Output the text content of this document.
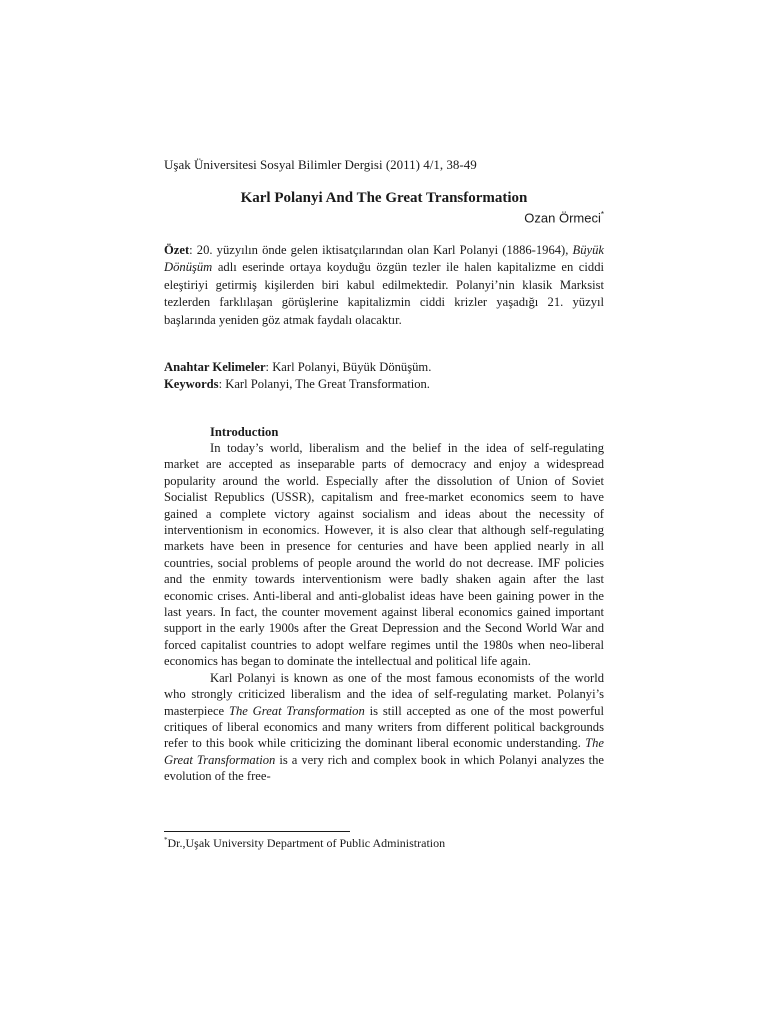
Uşak Üniversitesi Sosyal Bilimler Dergisi (2011) 4/1, 38-49
Karl Polanyi And The Great Transformation
Ozan Örmeci*
Özet: 20. yüzyılın önde gelen iktisatçılarından olan Karl Polanyi (1886-1964), Büyük Dönüşüm adlı eserinde ortaya koyduğu özgün tezler ile halen kapitalizme en ciddi eleştiriyi getirmiş kişilerden biri kabul edilmektedir. Polanyi’nin klasik Marksist tezlerden farklılaşan görüşlerine kapitalizmin ciddi krizler yaşadığı 21. yüzyıl başlarında yeniden göz atmak faydalı olacaktır.
Anahtar Kelimeler: Karl Polanyi, Büyük Dönüşüm.
Keywords: Karl Polanyi, The Great Transformation.
Introduction

In today’s world, liberalism and the belief in the idea of self-regulating market are accepted as inseparable parts of democracy and enjoy a widespread popularity around the world. Especially after the dissolution of Union of Soviet Socialist Republics (USSR), capitalism and free-market economics seem to have gained a complete victory against socialism and ideas about the necessity of interventionism in economics. However, it is also clear that although self-regulating markets have been in presence for centuries and have been applied nearly in all countries, social problems of people around the world do not decrease. IMF policies and the enmity towards interventionism were badly shaken again after the last economic crises. Anti-liberal and anti-globalist ideas have been gaining power in the last years. In fact, the counter movement against liberal economics gained important support in the early 1900s after the Great Depression and the Second World War and forced capitalist countries to adopt welfare regimes until the 1980s when neo-liberal economics has began to dominate the intellectual and political life again.

Karl Polanyi is known as one of the most famous economists of the world who strongly criticized liberalism and the idea of self-regulating market. Polanyi’s masterpiece The Great Transformation is still accepted as one of the most powerful critiques of liberal economics and many writers from different political backgrounds refer to this book while criticizing the dominant liberal economic understanding. The Great Transformation is a very rich and complex book in which Polanyi analyzes the evolution of the free-

*Dr.,Uşak University Department of Public Administration
